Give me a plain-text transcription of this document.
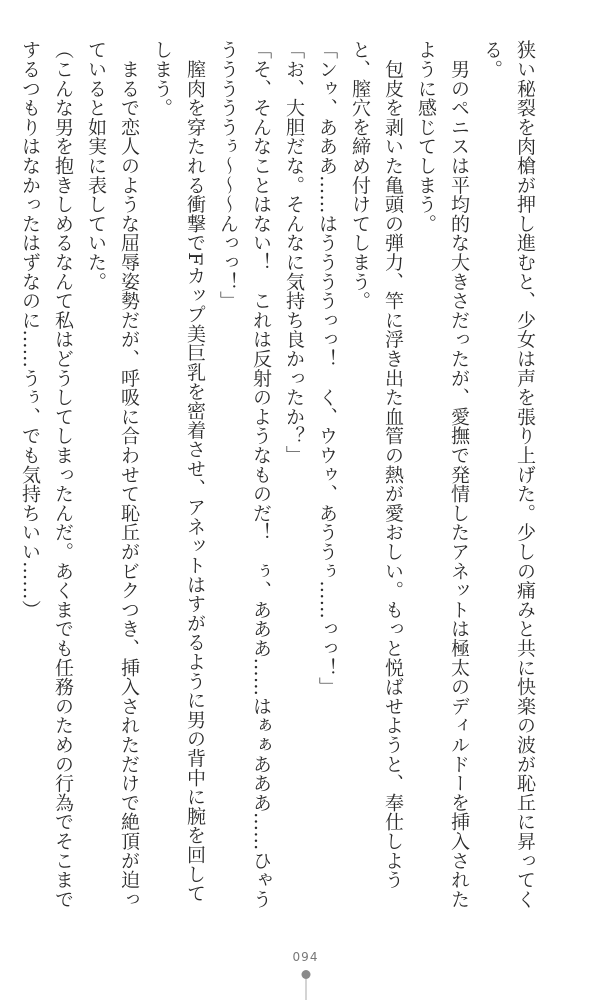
狭い秘裂を肉槍が押し進むと、少女は声を張り上げた。少しの痛みと共に快楽の波が恥丘に昇ってくる。

　男のペニスは平均的な大きさだったが、愛撫で発情したアネットは極太のディルドーを挿入されたように感じてしまう。

　包皮を剥いた亀頭の弾力、竿に浮き出た血管の熱が愛おしい。もっと悦ばせようと、奉仕しようと、膣穴を締め付けてしまう。

「ンゥ、あああ……はううううっっ！　く、ウウゥ、あううぅ……っっ！」

「お、大胆だな。そんなに気持ち良かったか？」

「そ、そんなことはない！　これは反射のようなものだ！　ぅ、あああ……はぁぁあああ……ひゃううううううぅ～～～んっっ！」

　膣肉を穿たれる衝撃でFカップ美巨乳を密着させ、アネットはすがるように男の背中に腕を回してしまう。

　まるで恋人のような屈辱姿勢だが、呼吸に合わせて恥丘がビクつき、挿入されただけで絶頂が迫っていると如実に表していた。

（こんな男を抱きしめるなんて私はどうしてしまったんだ。あくまでも任務のための行為でそこまでするつもりはなかったはずなのに……うぅ、でも気持ちいい……）

094
